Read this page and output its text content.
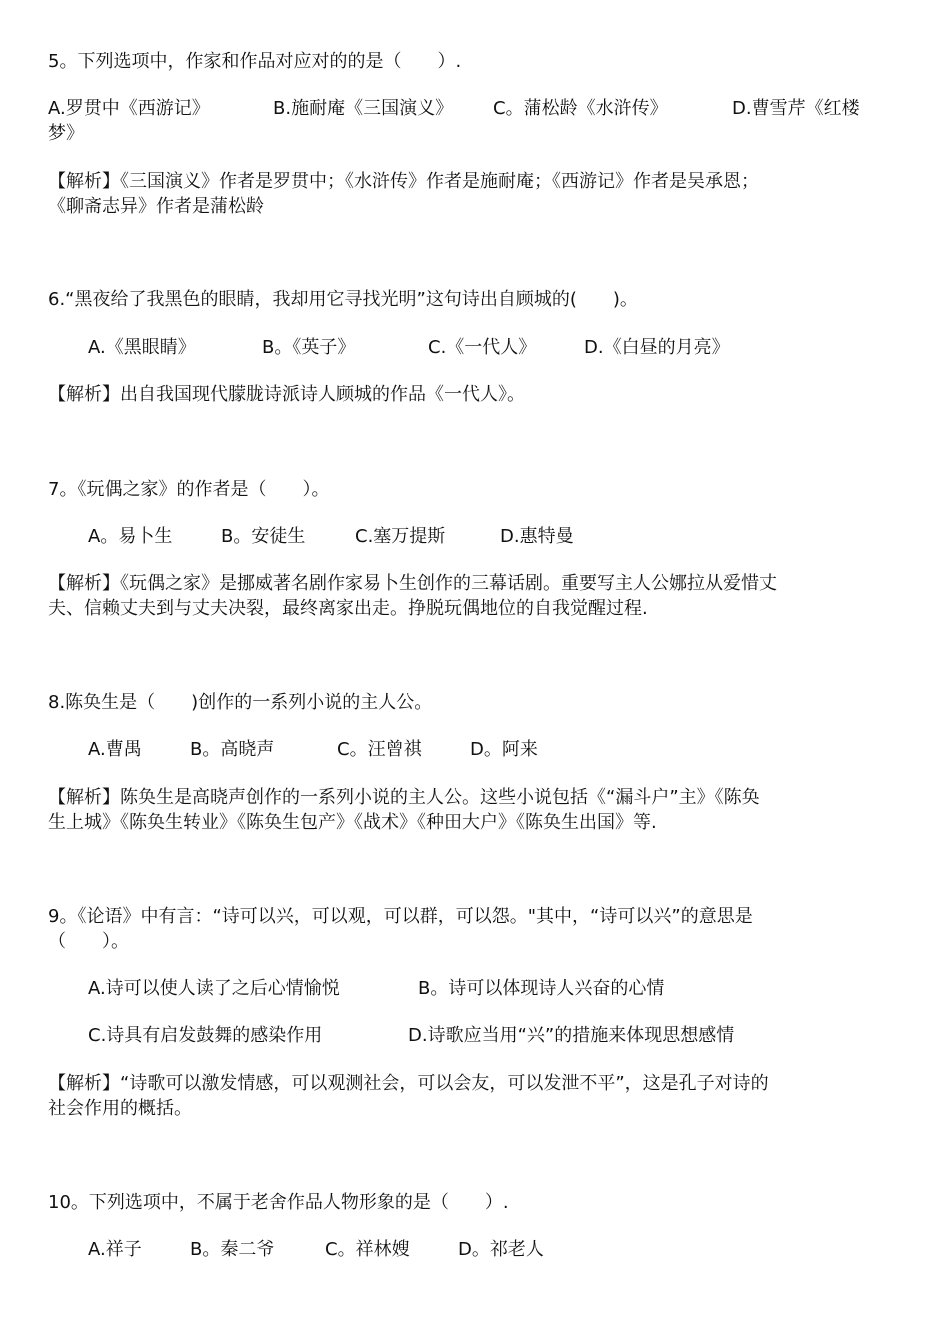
5。下列选项中，作家和作品对应对的的是（　　）.
A.罗贯中《西游记》	B.施耐庵《三国演义》 C。蒲松龄《水浒传》	D.曹雪芹《红楼
梦》
【解析】《三国演义》作者是罗贯中；《水浒传》作者是施耐庵；《西游记》作者是吴承恩；
《聊斋志异》作者是蒲松龄
6.“黑夜给了我黑色的眼睛，我却用它寻找光明”这句诗出自顾城的(　　)。
A.《黑眼睛》	B。《英子》	C.《一代人》	D.《白昼的月亮》
【解析】出自我国现代朦胧诗派诗人顾城的作品《一代人》。
7。《玩偶之家》的作者是（　　）。
A。易卜生	B。安徒生	C.塞万提斯	D.惠特曼
【解析】《玩偶之家》是挪威著名剧作家易卜生创作的三幕话剧。重要写主人公娜拉从爱惜丈
夫、信赖丈夫到与丈夫决裂，最终离家出走。挣脱玩偶地位的自我觉醒过程.
8.陈奂生是（　　)创作的一系列小说的主人公。
A.曹禺	B。高晓声	C。汪曾祺	D。阿来
【解析】陈奂生是高晓声创作的一系列小说的主人公。这些小说包括《“漏斗户”主》《陈奂
生上城》《陈奂生转业》《陈奂生包产》《战术》《种田大户》《陈奂生出国》等.
9。《论语》中有言：“诗可以兴，可以观，可以群，可以怨。"其中，“诗可以兴”的意思是
（　　）。
A.诗可以使人读了之后心情愉悦	B。诗可以体现诗人兴奋的心情
C.诗具有启发鼓舞的感染作用	D.诗歌应当用“兴”的措施来体现思想感情
【解析】“诗歌可以激发情感，可以观测社会，可以会友，可以发泄不平”，这是孔子对诗的
社会作用的概括。
10。下列选项中，不属于老舍作品人物形象的是（　　）.
A.祥子	B。秦二爷	C。祥林嫂	D。祁老人
